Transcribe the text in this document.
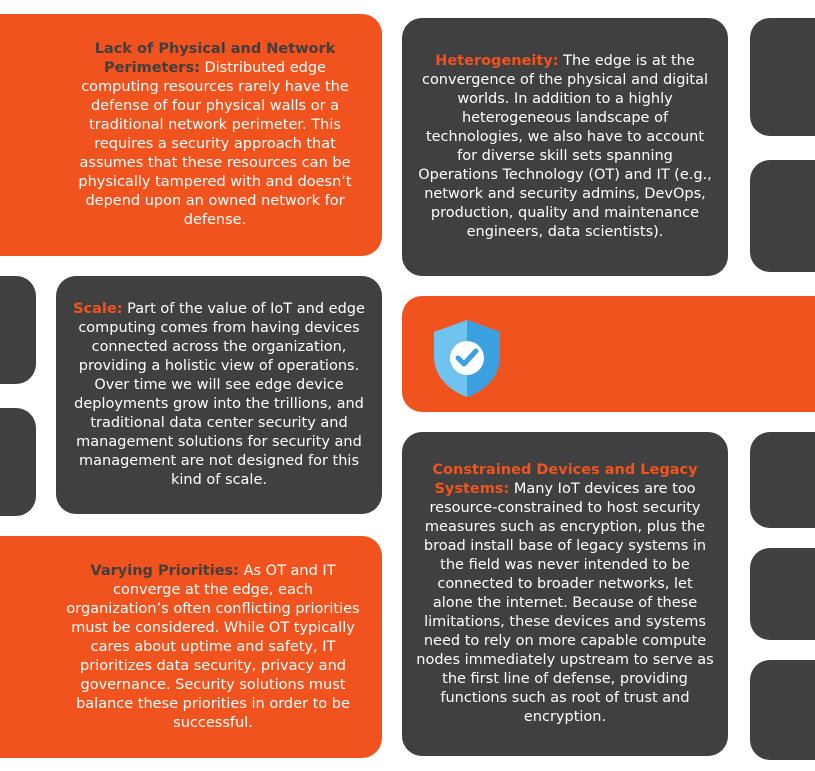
Lack of Physical and Network Perimeters: Distributed edge computing resources rarely have the defense of four physical walls or a traditional network perimeter. This requires a security approach that assumes that these resources can be physically tampered with and doesn’t depend upon an owned network for defense.
Heterogeneity: The edge is at the convergence of the physical and digital worlds. In addition to a highly heterogeneous landscape of technologies, we also have to account for diverse skill sets spanning Operations Technology (OT) and IT (e.g., network and security admins, DevOps, production, quality and maintenance engineers, data scientists).
Scale: Part of the value of IoT and edge computing comes from having devices connected across the organization, providing a holistic view of operations. Over time we will see edge device deployments grow into the trillions, and traditional data center security and management solutions for security and management are not designed for this kind of scale.
Constrained Devices and Legacy Systems: Many IoT devices are too resource-constrained to host security measures such as encryption, plus the broad install base of legacy systems in the field was never intended to be connected to broader networks, let alone the internet. Because of these limitations, these devices and systems need to rely on more capable compute nodes immediately upstream to serve as the first line of defense, providing functions such as root of trust and encryption.
Varying Priorities: As OT and IT converge at the edge, each organization’s often conflicting priorities must be considered. While OT typically cares about uptime and safety, IT prioritizes data security, privacy and governance. Security solutions must balance these priorities in order to be successful.
